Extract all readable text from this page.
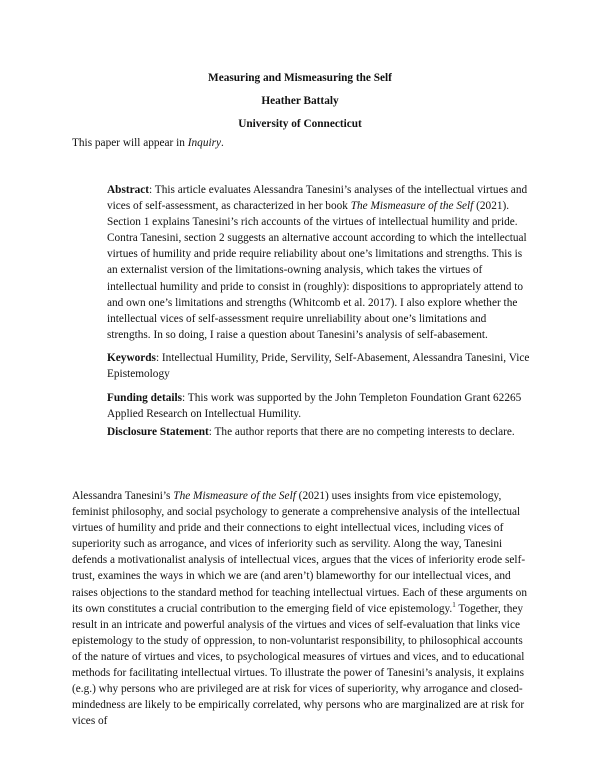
Measuring and Mismeasuring the Self
Heather Battaly
University of Connecticut
This paper will appear in Inquiry.
Abstract: This article evaluates Alessandra Tanesini’s analyses of the intellectual virtues and vices of self-assessment, as characterized in her book The Mismeasure of the Self (2021). Section 1 explains Tanesini’s rich accounts of the virtues of intellectual humility and pride. Contra Tanesini, section 2 suggests an alternative account according to which the intellectual virtues of humility and pride require reliability about one’s limitations and strengths. This is an externalist version of the limitations-owning analysis, which takes the virtues of intellectual humility and pride to consist in (roughly): dispositions to appropriately attend to and own one’s limitations and strengths (Whitcomb et al. 2017). I also explore whether the intellectual vices of self-assessment require unreliability about one’s limitations and strengths. In so doing, I raise a question about Tanesini’s analysis of self-abasement.
Keywords: Intellectual Humility, Pride, Servility, Self-Abasement, Alessandra Tanesini, Vice Epistemology
Funding details: This work was supported by the John Templeton Foundation Grant 62265 Applied Research on Intellectual Humility.
Disclosure Statement: The author reports that there are no competing interests to declare.
Alessandra Tanesini’s The Mismeasure of the Self (2021) uses insights from vice epistemology, feminist philosophy, and social psychology to generate a comprehensive analysis of the intellectual virtues of humility and pride and their connections to eight intellectual vices, including vices of superiority such as arrogance, and vices of inferiority such as servility. Along the way, Tanesini defends a motivationalist analysis of intellectual vices, argues that the vices of inferiority erode self-trust, examines the ways in which we are (and aren’t) blameworthy for our intellectual vices, and raises objections to the standard method for teaching intellectual virtues. Each of these arguments on its own constitutes a crucial contribution to the emerging field of vice epistemology.$^1$ Together, they result in an intricate and powerful analysis of the virtues and vices of self-evaluation that links vice epistemology to the study of oppression, to non-voluntarist responsibility, to philosophical accounts of the nature of virtues and vices, to psychological measures of virtues and vices, and to educational methods for facilitating intellectual virtues. To illustrate the power of Tanesini’s analysis, it explains (e.g.) why persons who are privileged are at risk for vices of superiority, why arrogance and closed-mindedness are likely to be empirically correlated, why persons who are marginalized are at risk for vices of
